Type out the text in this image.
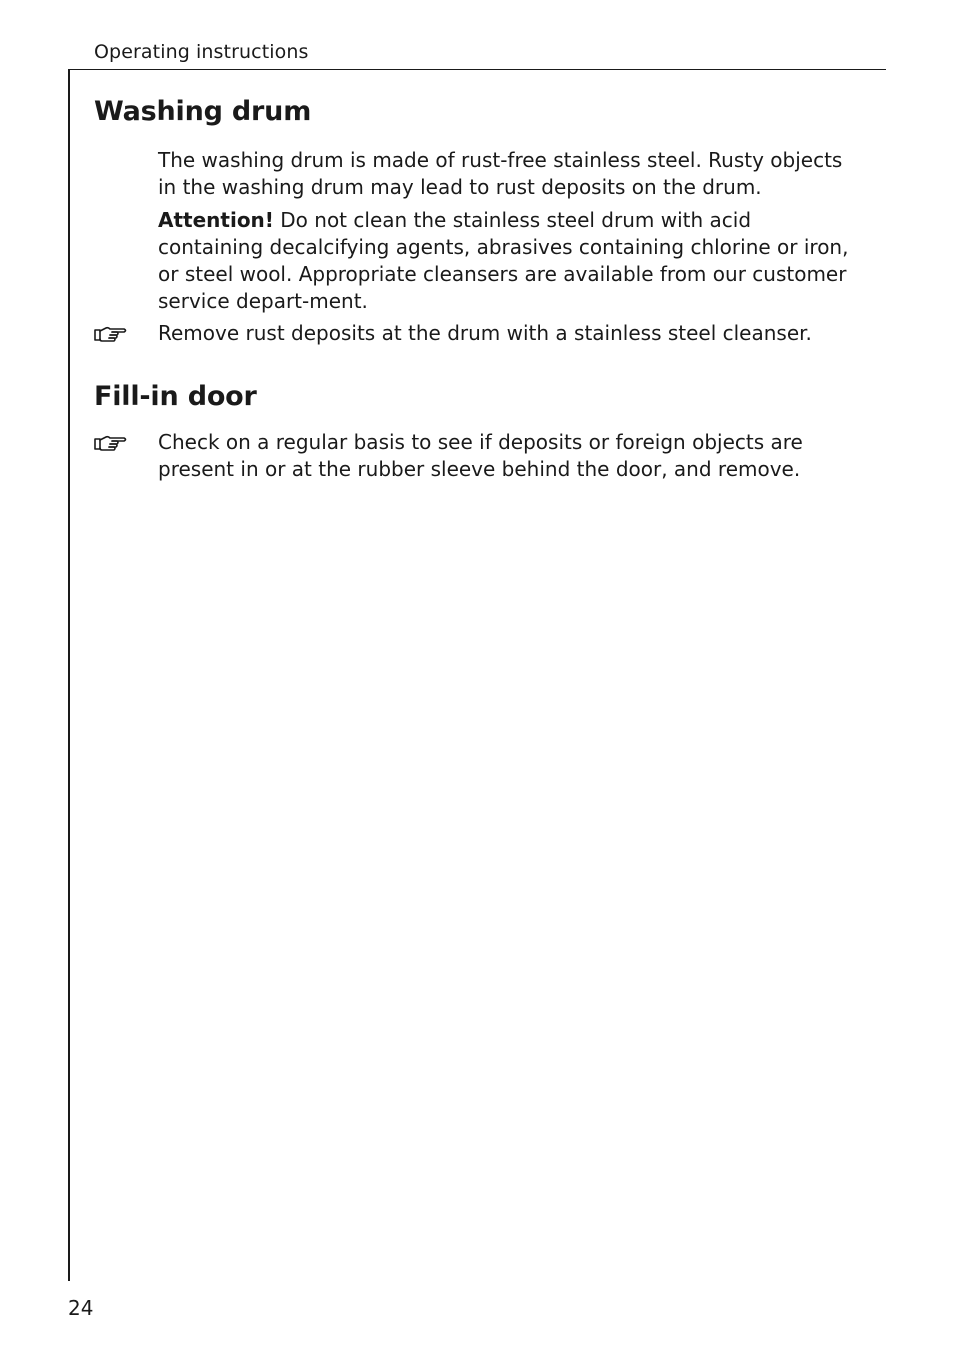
Operating instructions
Washing drum

The washing drum is made of rust-free stainless steel. Rusty objects in the washing drum may lead to rust deposits on the drum.

Attention! Do not clean the stainless steel drum with acid containing decalcifying agents, abrasives containing chlorine or iron, or steel wool. Appropriate cleansers are available from our customer service depart-ment.

Remove rust deposits at the drum with a stainless steel cleanser.

Fill-in door

Check on a regular basis to see if deposits or foreign objects are present in or at the rubber sleeve behind the door, and remove.

24
